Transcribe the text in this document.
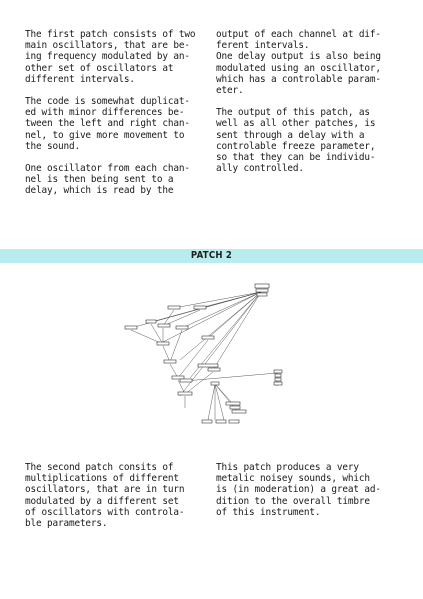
The first patch consists of two
main oscillators, that are be-
ing frequency modulated by an-
other set of oscillators at
different intervals.

The code is somewhat duplicat-
ed with minor differences be-
tween the left and right chan-
nel, to give more movement to
the sound.

One oscillator from each chan-
nel is then being sent to a
delay, which is read by the

output of each channel at dif-
ferent intervals.
One delay output is also being
modulated using an oscillator,
which has a controlable param-
eter.

The output of this patch, as
well as all other patches, is
sent through a delay with a
controlable freeze parameter,
so that they can be individu-
ally controlled.

PATCH 2

The second patch consits of
multiplications of different
oscillators, that are in turn
modulated by a different set
of oscillators with controla-
ble parameters.

This patch produces a very
metalic noisey sounds, which
is (in moderation) a great ad-
dition to the overall timbre
of this instrument.
